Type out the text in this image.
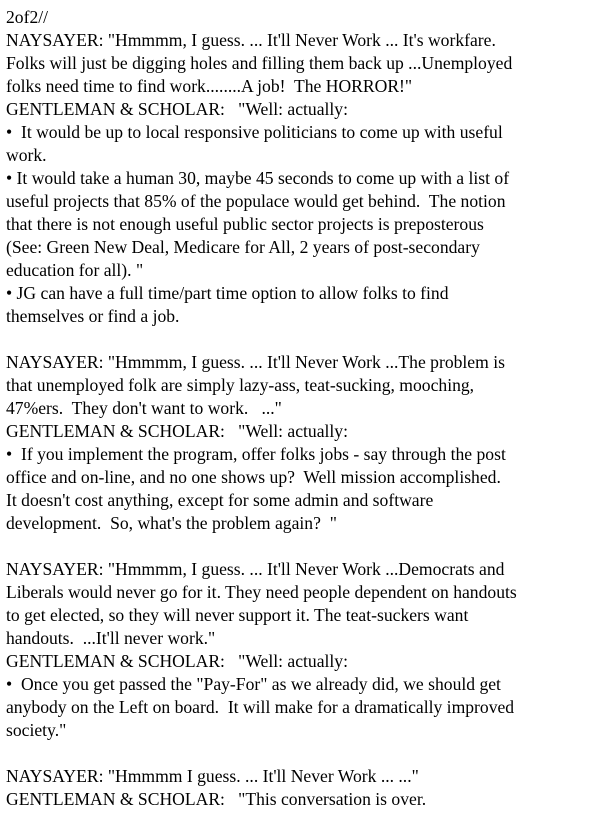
2of2//
NAYSAYER: "Hmmmm, I guess. ... It'll Never Work ... It's workfare.
Folks will just be digging holes and filling them back up ...Unemployed
folks need time to find work........A job!  The HORROR!"
GENTLEMAN & SCHOLAR:   "Well: actually:
•  It would be up to local responsive politicians to come up with useful
work.
• It would take a human 30, maybe 45 seconds to come up with a list of
useful projects that 85% of the populace would get behind.  The notion
that there is not enough useful public sector projects is preposterous
(See: Green New Deal, Medicare for All, 2 years of post-secondary
education for all). "
• JG can have a full time/part time option to allow folks to find
themselves or find a job.
NAYSAYER: "Hmmmm, I guess. ... It'll Never Work ...The problem is
that unemployed folk are simply lazy-ass, teat-sucking, mooching,
47%ers.  They don't want to work.   ..."
GENTLEMAN & SCHOLAR:   "Well: actually:
•  If you implement the program, offer folks jobs - say through the post
office and on-line, and no one shows up?  Well mission accomplished.
It doesn't cost anything, except for some admin and software
development.  So, what's the problem again?  "
NAYSAYER: "Hmmmm, I guess. ... It'll Never Work ...Democrats and
Liberals would never go for it. They need people dependent on handouts
to get elected, so they will never support it. The teat-suckers want
handouts.  ...It'll never work."
GENTLEMAN & SCHOLAR:   "Well: actually:
•  Once you get passed the "Pay-For" as we already did, we should get
anybody on the Left on board.  It will make for a dramatically improved
society."
NAYSAYER: "Hmmmm I guess. ... It'll Never Work ... ..."
GENTLEMAN & SCHOLAR:   "This conversation is over.
